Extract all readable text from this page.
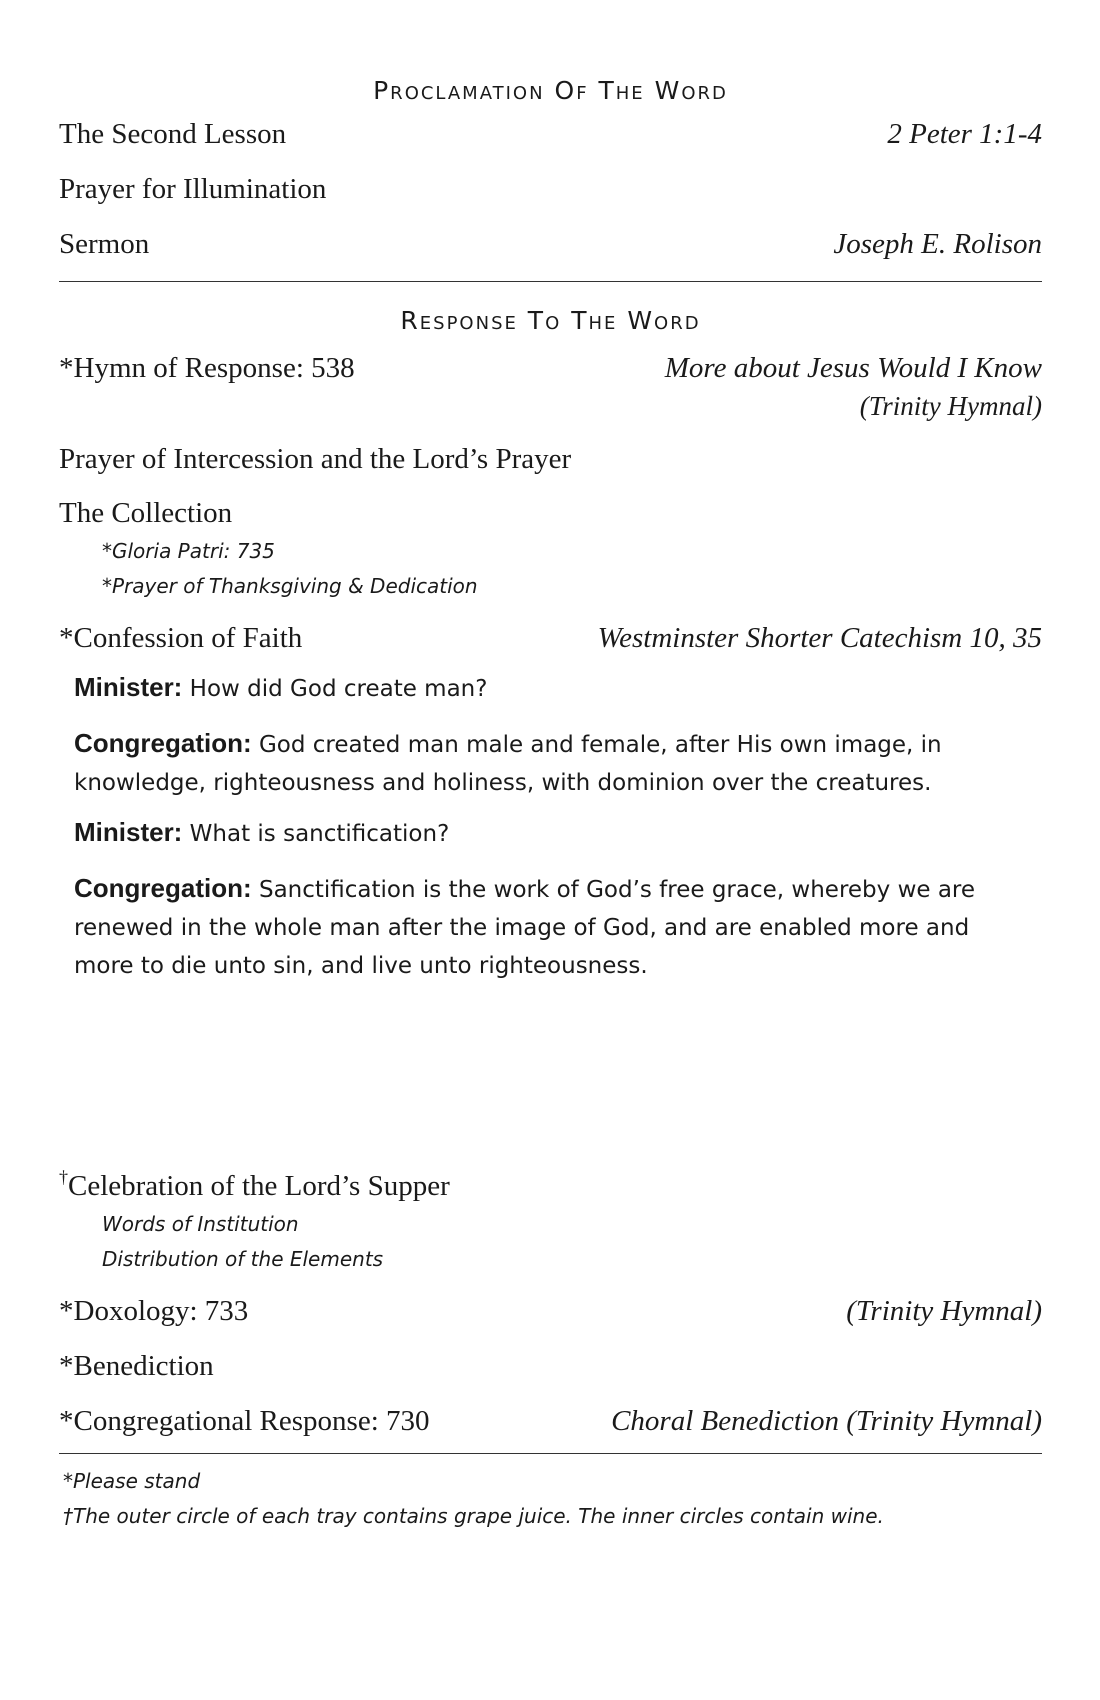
Proclamation Of The Word
The Second Lesson	2 Peter 1:1-4
Prayer for Illumination
Sermon	Joseph E. Rolison
Response To The Word
*Hymn of Response: 538	More about Jesus Would I Know
(Trinity Hymnal)
Prayer of Intercession and the Lord’s Prayer
The Collection
*Gloria Patri: 735
*Prayer of Thanksgiving & Dedication
*Confession of Faith	Westminster Shorter Catechism 10, 35
Minister: How did God create man?
Congregation: God created man male and female, after His own image, in knowledge, righteousness and holiness, with dominion over the creatures.
Minister: What is sanctification?
Congregation: Sanctification is the work of God’s free grace, whereby we are renewed in the whole man after the image of God, and are enabled more and more to die unto sin, and live unto righteousness.
†Celebration of the Lord’s Supper
Words of Institution
Distribution of the Elements
*Doxology: 733	(Trinity Hymnal)
*Benediction
*Congregational Response: 730	Choral Benediction (Trinity Hymnal)
*Please stand
†The outer circle of each tray contains grape juice. The inner circles contain wine.
